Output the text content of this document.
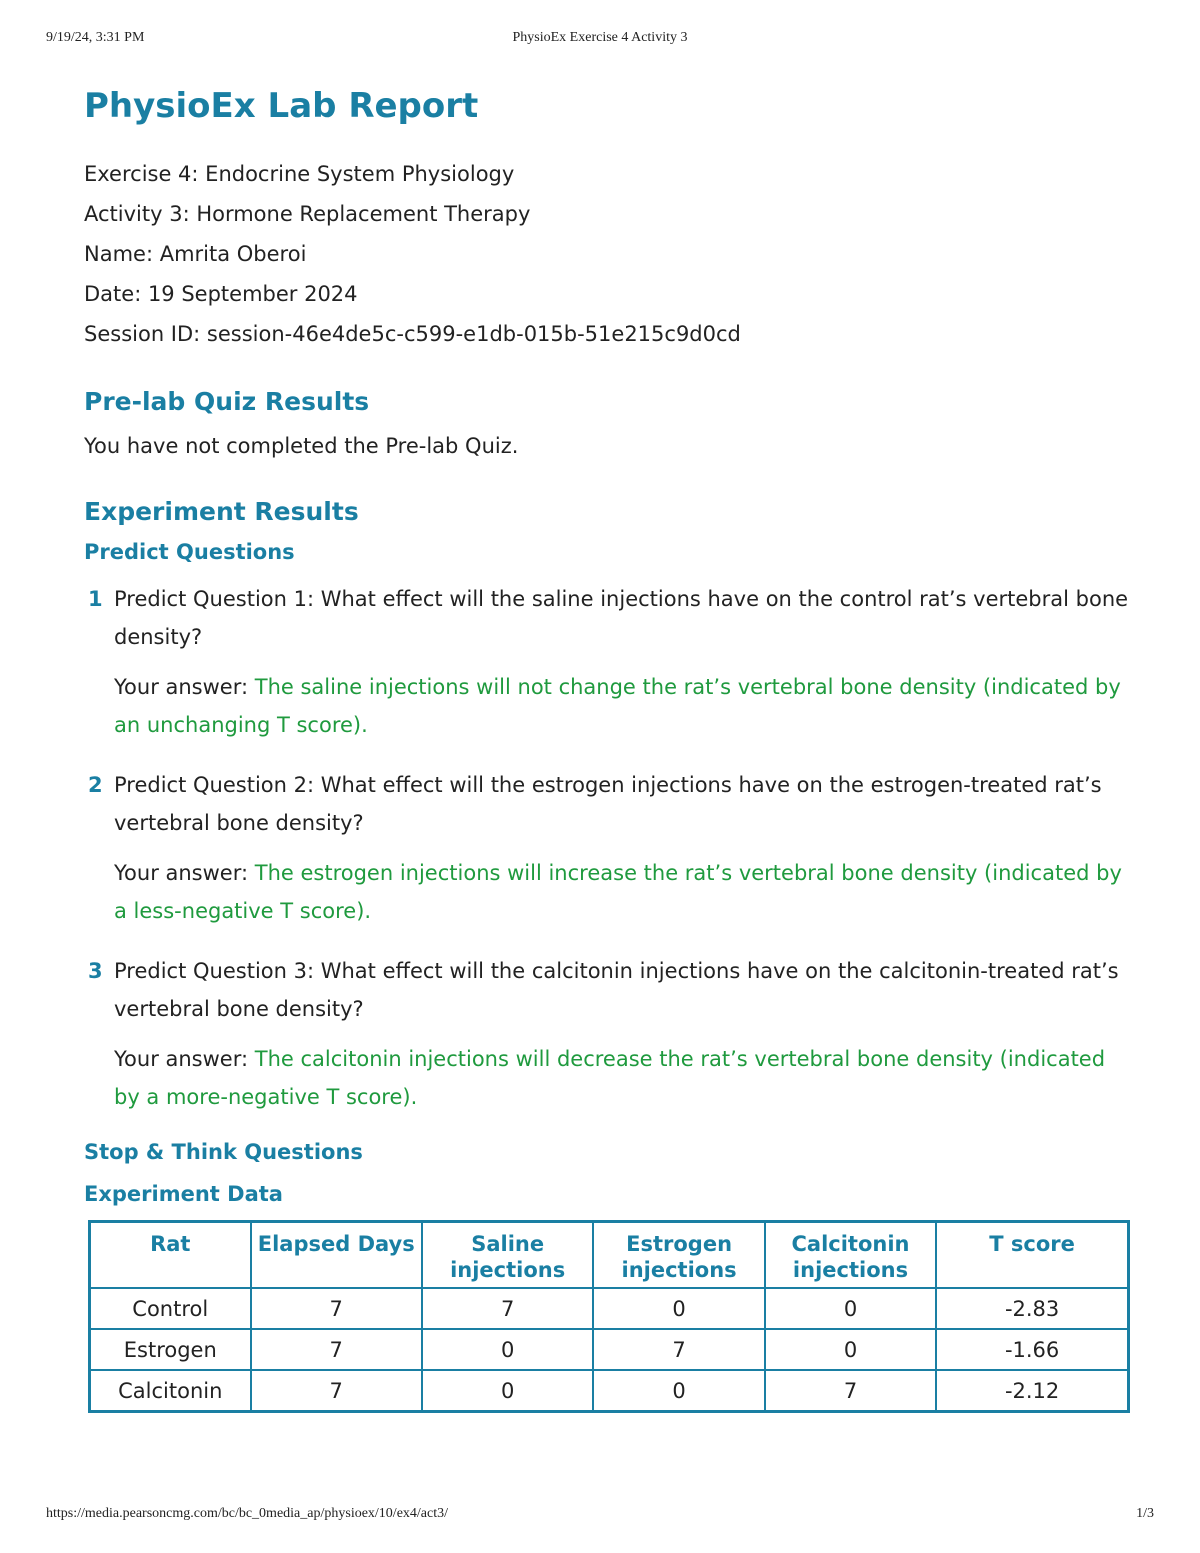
9/19/24, 3:31 PM	PhysioEx Exercise 4 Activity 3
PhysioEx Lab Report
Exercise 4: Endocrine System Physiology
Activity 3: Hormone Replacement Therapy
Name: Amrita Oberoi
Date: 19 September 2024
Session ID: session-46e4de5c-c599-e1db-015b-51e215c9d0cd
Pre-lab Quiz Results
You have not completed the Pre-lab Quiz.
Experiment Results
Predict Questions
1 Predict Question 1: What effect will the saline injections have on the control rat’s vertebral bone density?
Your answer: The saline injections will not change the rat’s vertebral bone density (indicated by an unchanging T score).
2 Predict Question 2: What effect will the estrogen injections have on the estrogen-treated rat’s vertebral bone density?
Your answer: The estrogen injections will increase the rat’s vertebral bone density (indicated by a less-negative T score).
3 Predict Question 3: What effect will the calcitonin injections have on the calcitonin-treated rat’s vertebral bone density?
Your answer: The calcitonin injections will decrease the rat’s vertebral bone density (indicated by a more-negative T score).
Stop & Think Questions
Experiment Data
Rat	Elapsed Days	Saline injections	Estrogen injections	Calcitonin injections	T score
Control	7	7	0	0	-2.83
Estrogen	7	0	7	0	-1.66
Calcitonin	7	0	0	7	-2.12
https://media.pearsoncmg.com/bc/bc_0media_ap/physioex/10/ex4/act3/	1/3
